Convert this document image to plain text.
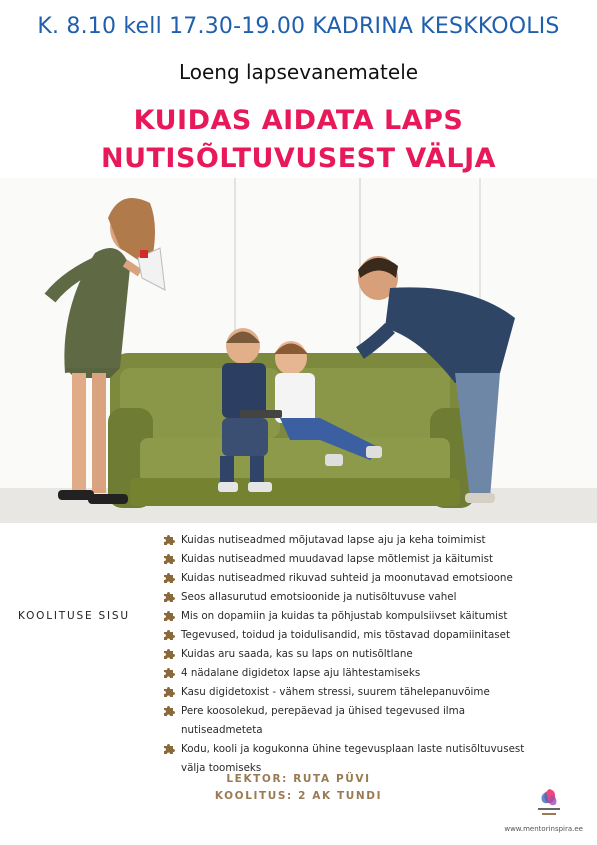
K. 8.10 kell 17.30-19.00 KADRINA KESKKOOLIS
Loeng lapsevanematele
KUIDAS AIDATA LAPS
NUTISÕLTUVUSEST VÄLJA
KOOLITUSE SISU
Kuidas nutiseadmed mõjutavad lapse aju ja keha toimimist
Kuidas nutiseadmed muudavad lapse mõtlemist ja käitumist
Kuidas nutiseadmed rikuvad suhteid ja moonutavad emotsioone
Seos allasurutud emotsioonide ja nutisõltuvuse vahel
Mis on dopamiin ja kuidas ta põhjustab kompulsiivset käitumist
Tegevused, toidud ja toidulisandid, mis tõstavad dopamiinitaset
Kuidas aru saada, kas su laps on nutisõltlane
4 nädalane digidetox lapse aju lähtestamiseks
Kasu digidetoxist - vähem stressi, suurem tähelepanuvõime
Pere koosolekud, perepäevad ja ühised tegevused ilma nutiseadmeteta
Kodu, kooli ja kogukonna ühine tegevusplaan laste nutisõltuvusest välja toomiseks
LEKTOR: RUTA PÜVI
KOOLITUS: 2 AK TUNDI
www.mentorinspira.ee
